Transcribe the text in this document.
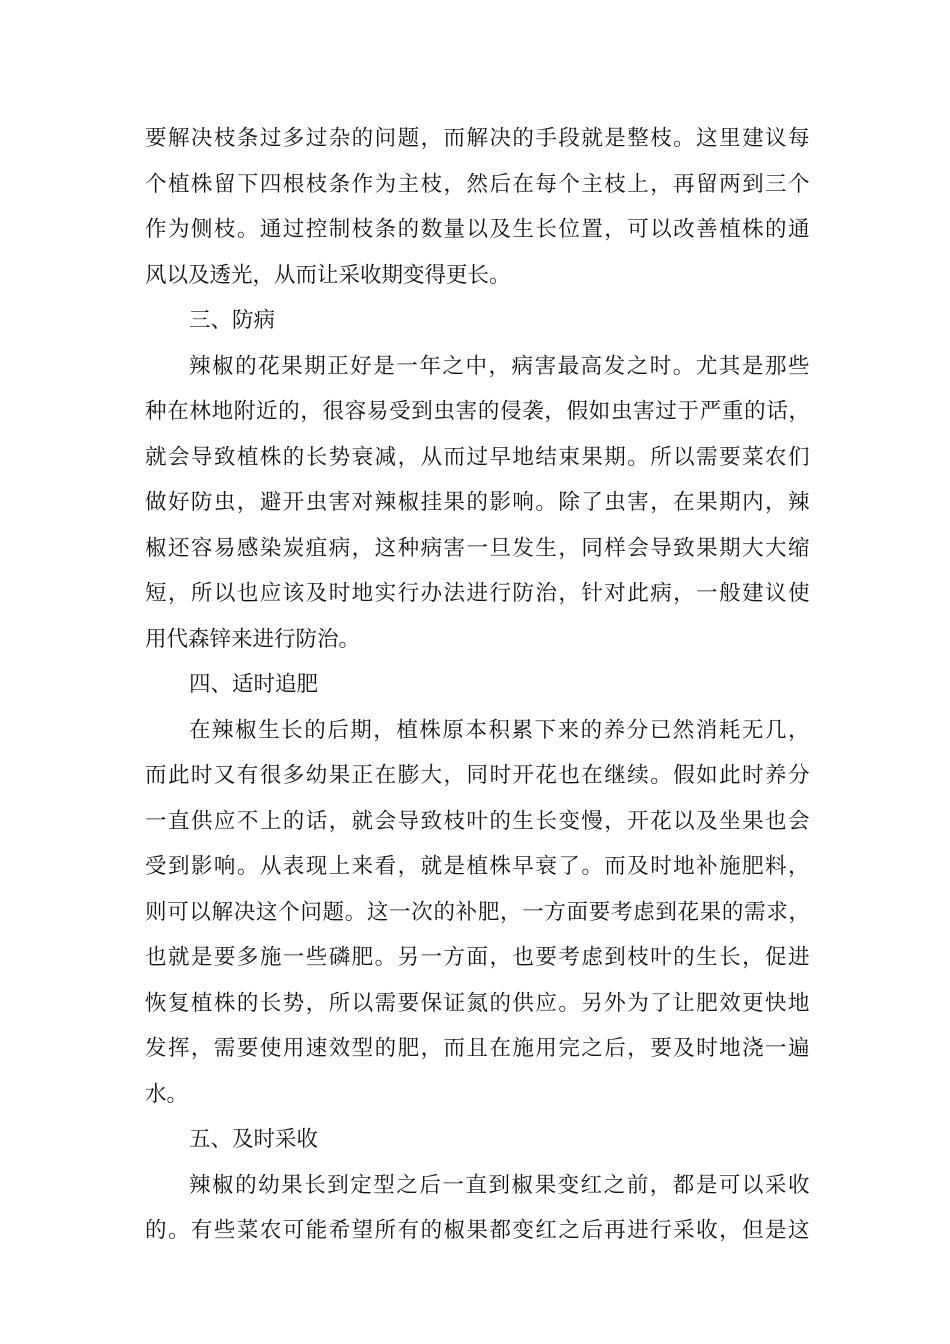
要解决枝条过多过杂的问题，而解决的手段就是整枝。这里建议每
个植株留下四根枝条作为主枝，然后在每个主枝上，再留两到三个
作为侧枝。通过控制枝条的数量以及生长位置，可以改善植株的通
风以及透光，从而让采收期变得更长。
三、防病
辣椒的花果期正好是一年之中，病害最高发之时。尤其是那些
种在林地附近的，很容易受到虫害的侵袭，假如虫害过于严重的话，
就会导致植株的长势衰减，从而过早地结束果期。所以需要菜农们
做好防虫，避开虫害对辣椒挂果的影响。除了虫害，在果期内，辣
椒还容易感染炭疽病，这种病害一旦发生，同样会导致果期大大缩
短，所以也应该及时地实行办法进行防治，针对此病，一般建议使
用代森锌来进行防治。
四、适时追肥
在辣椒生长的后期，植株原本积累下来的养分已然消耗无几，
而此时又有很多幼果正在膨大，同时开花也在继续。假如此时养分
一直供应不上的话，就会导致枝叶的生长变慢，开花以及坐果也会
受到影响。从表现上来看，就是植株早衰了。而及时地补施肥料，
则可以解决这个问题。这一次的补肥，一方面要考虑到花果的需求，
也就是要多施一些磷肥。另一方面，也要考虑到枝叶的生长，促进
恢复植株的长势，所以需要保证氮的供应。另外为了让肥效更快地
发挥，需要使用速效型的肥，而且在施用完之后，要及时地浇一遍
水。
五、及时采收
辣椒的幼果长到定型之后一直到椒果变红之前，都是可以采收
的。有些菜农可能希望所有的椒果都变红之后再进行采收，但是这
